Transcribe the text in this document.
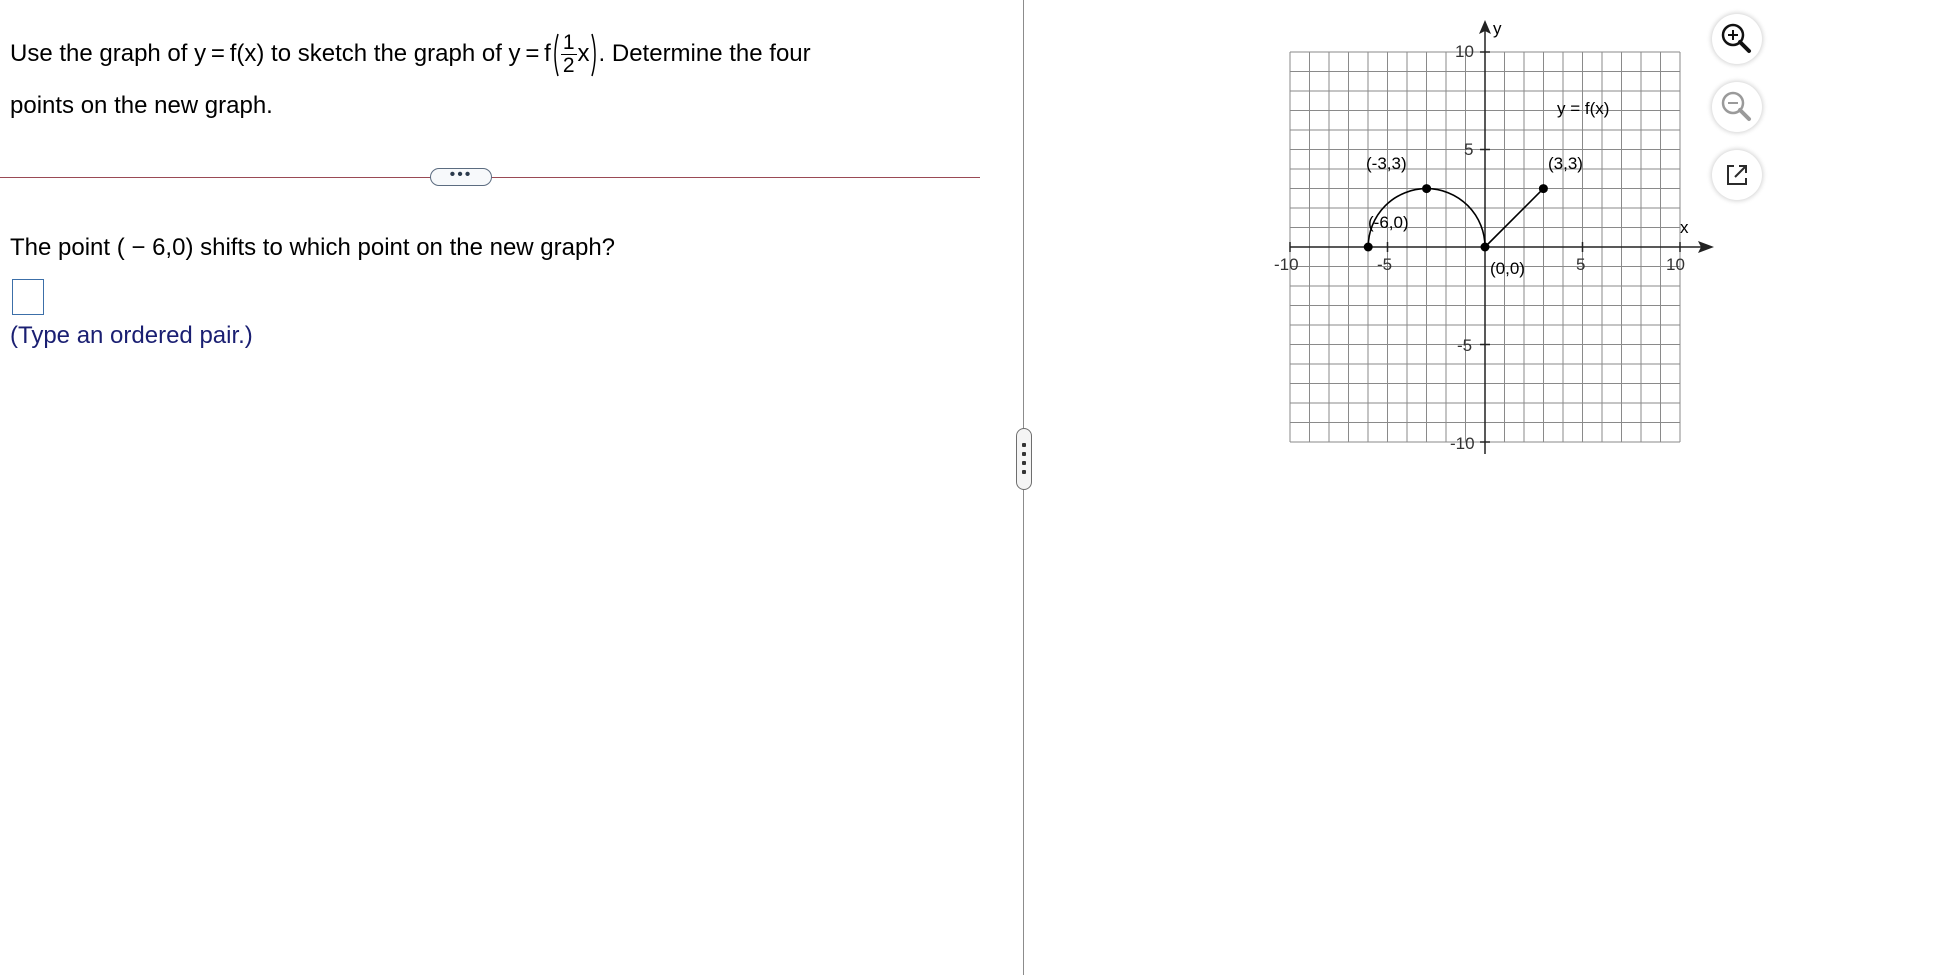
Use the graph of y = f(x) to sketch the graph of y = f $\frac{1}{2}$ x . Determine the four
points on the new graph.
•••
The point ( − 6,0) shifts to which point on the new graph?
(Type an ordered pair.)
y
x
10
5
-5
-10
-10	-5	5	10
(-6,0)
(-3,3)
(0,0)
(3,3)
y = f(x)
